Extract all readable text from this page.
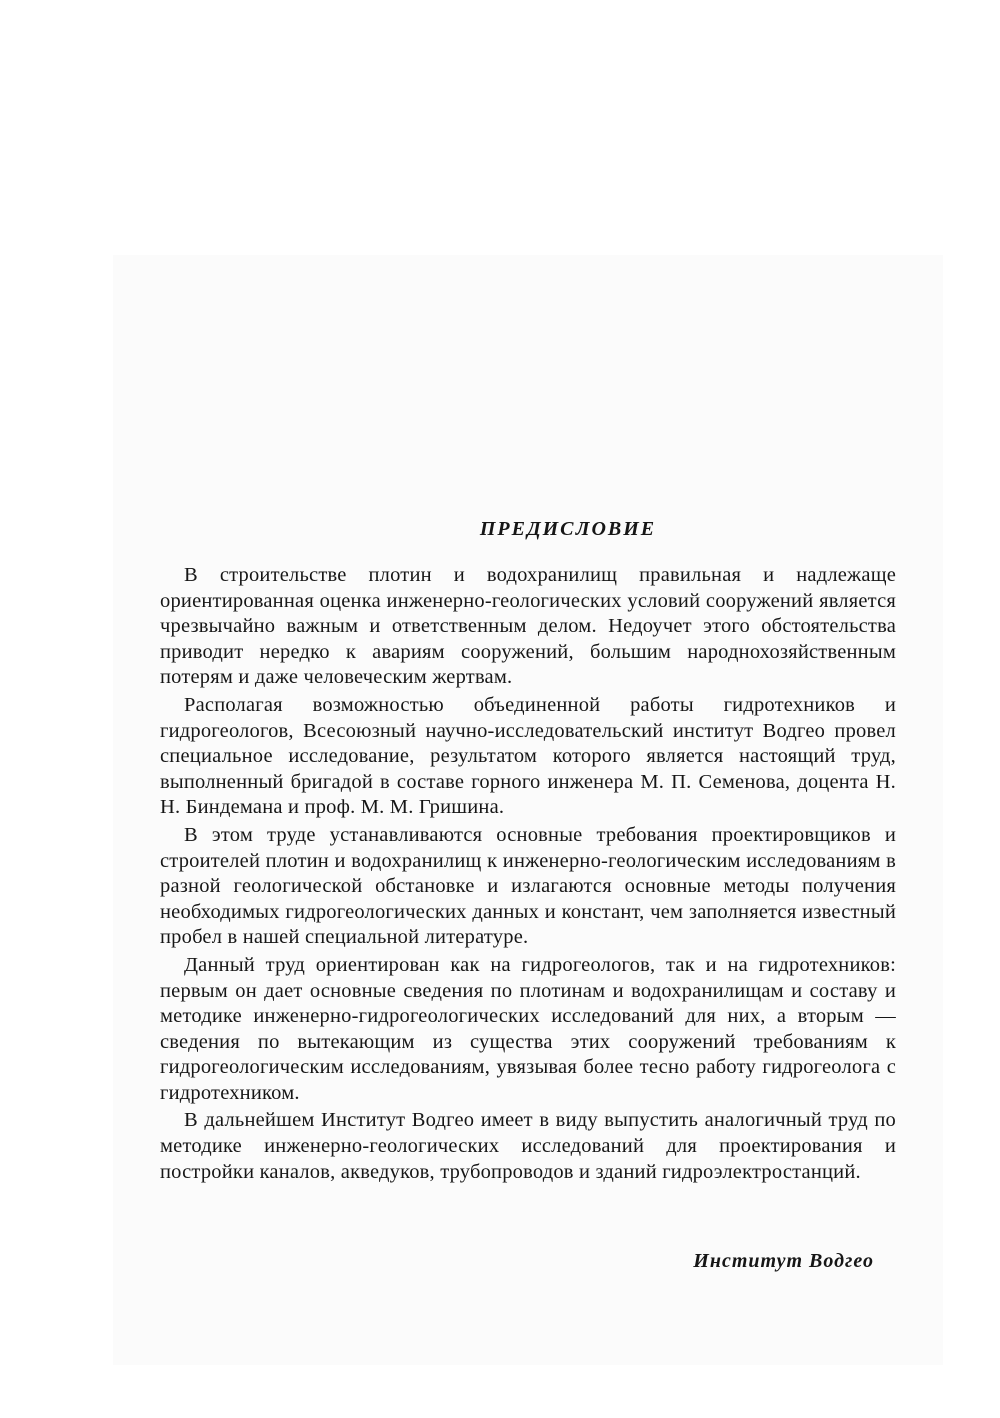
ПРЕДИСЛОВИЕ

В строительстве плотин и водохранилищ правильная и надлежаще ориентированная оценка инженерно-геологических условий сооружений является чрезвычайно важным и ответственным делом. Недоучет этого обстоятельства приводит нередко к авариям сооружений, большим народнохозяйственным потерям и даже человеческим жертвам.

Располагая возможностью объединенной работы гидротехников и гидрогеологов, Всесоюзный научно-исследовательский институт Водгео провел специальное исследование, результатом которого является настоящий труд, выполненный бригадой в составе горного инженера М. П. Семенова, доцента Н. Н. Биндемана и проф. М. М. Гришина.

В этом труде устанавливаются основные требования проектировщиков и строителей плотин и водохранилищ к инженерно-геологическим исследованиям в разной геологической обстановке и излагаются основные методы получения необходимых гидрогеологических данных и констант, чем заполняется известный пробел в нашей специальной литературе.

Данный труд ориентирован как на гидрогеологов, так и на гидротехников: первым он дает основные сведения по плотинам и водохранилищам и составу и методике инженерно-гидрогеологических исследований для них, а вторым — сведения по вытекающим из существа этих сооружений требованиям к гидрогеологическим исследованиям, увязывая более тесно работу гидрогеолога с гидротехником.

В дальнейшем Институт Водгео имеет в виду выпустить аналогичный труд по методике инженерно-геологических исследований для проектирования и постройки каналов, акведуков, трубопроводов и зданий гидроэлектростанций.

Институт Водгео
